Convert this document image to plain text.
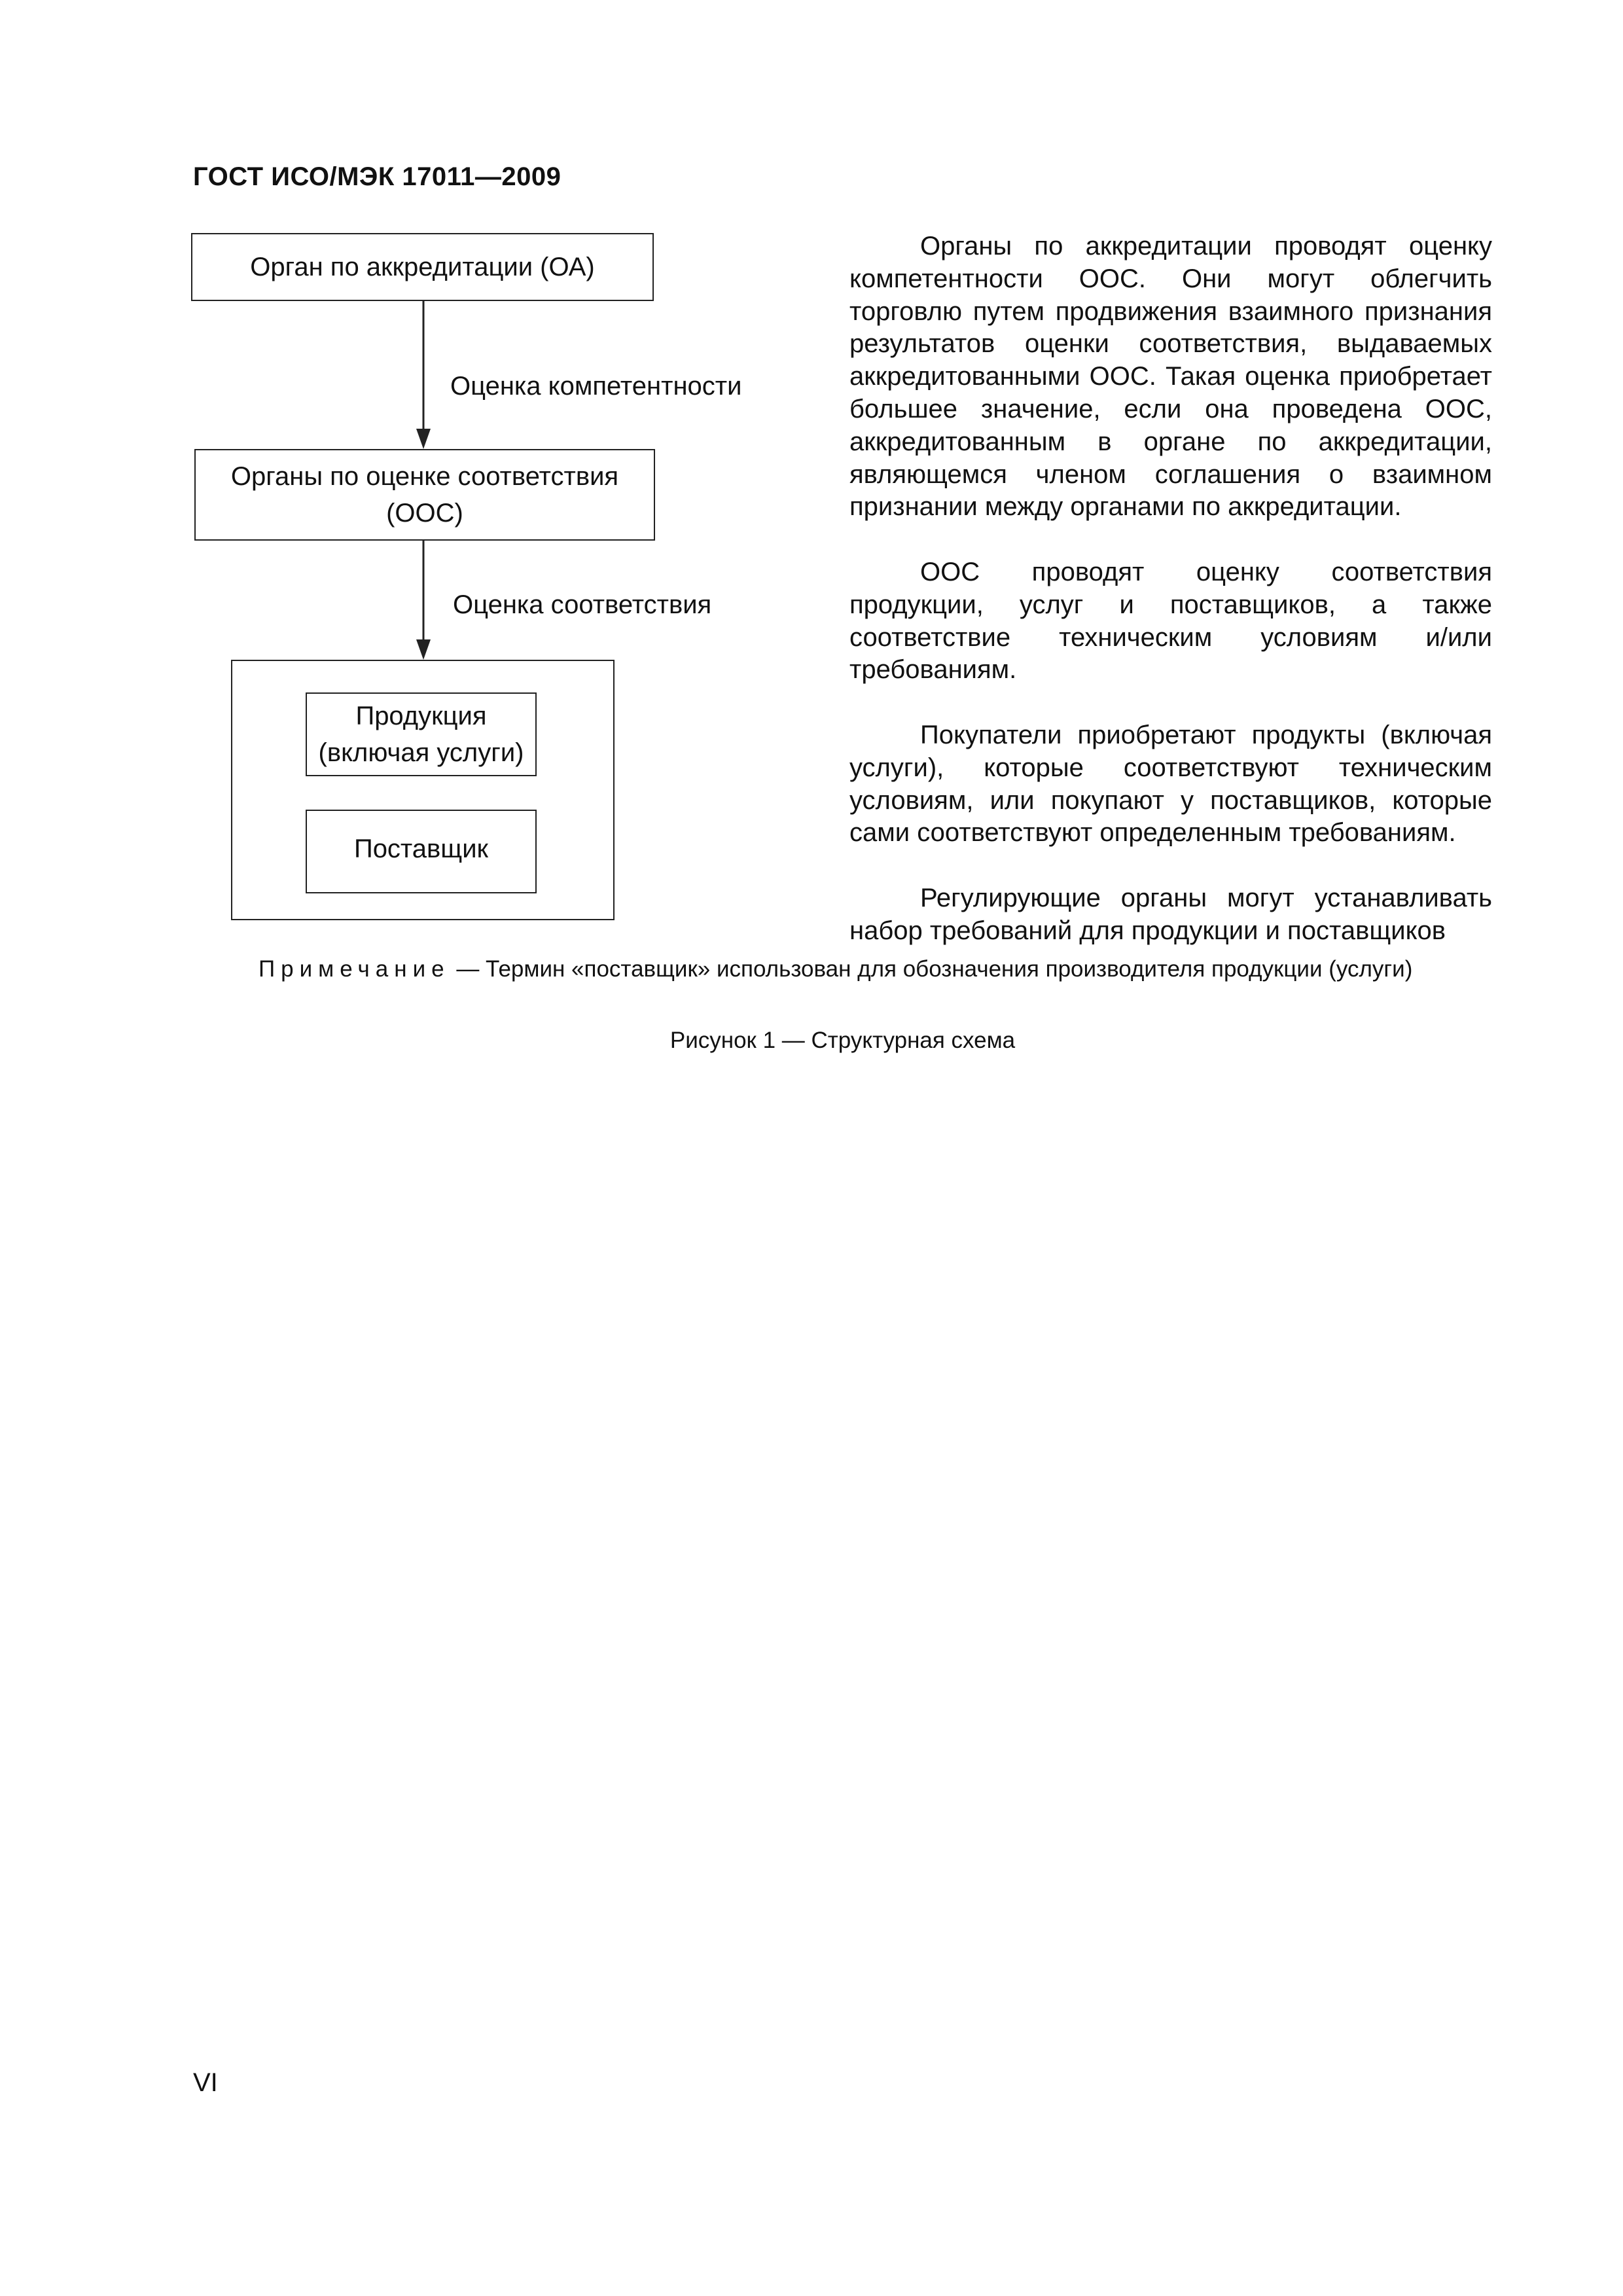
ГОСТ ИСО/МЭК 17011—2009
Орган по аккредитации (ОА)
Оценка компетентности
Органы по оценке соответствия (ООС)
Оценка соответствия
Продукция (включая услуги)
Поставщик

Органы по аккредитации проводят оценку компетентности ООС. Они могут облегчить торговлю путем продвижения взаимного признания результатов оценки соответствия, выдаваемых аккредитованными ООС. Такая оценка приобретает большее значение, если она проведена ООС, аккредитованным в органе по аккредитации, являющемся членом соглашения о взаимном признании между органами по аккредитации.

ООС проводят оценку соответствия продукции, услуг и поставщиков, а также соответствие техническим условиям и/или требованиям.

Покупатели приобретают продукты (включая услуги), которые соответствуют техническим условиям, или покупают у поставщиков, которые сами соответствуют определенным требованиям.

Регулирующие органы могут устанавливать набор требований для продукции и поставщиков

Примечание — Термин «поставщик» использован для обозначения производителя продукции (услуги)
Рисунок 1 — Структурная схема
VI
